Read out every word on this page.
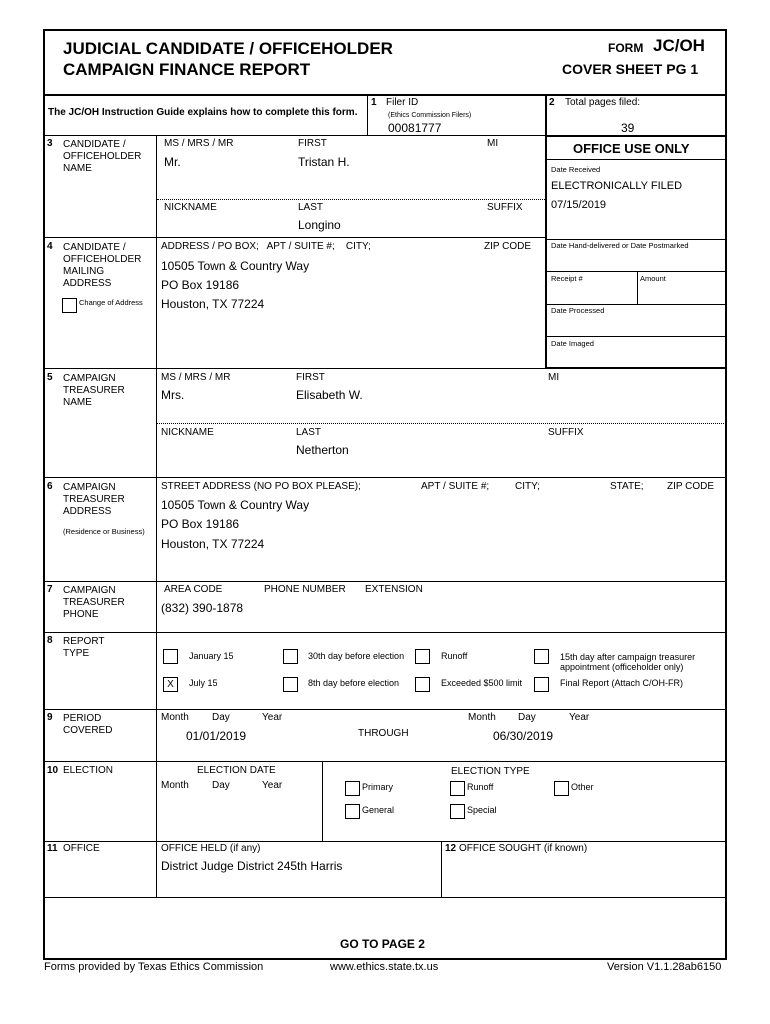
JUDICIAL CANDIDATE / OFFICEHOLDER
CAMPAIGN FINANCE REPORT
FORM JC/OH
COVER SHEET PG 1
The JC/OH Instruction Guide explains how to complete this form.
1 Filer ID
(Ethics Commission Filers)
00081777
2 Total pages filed:
39
3 CANDIDATE /
OFFICEHOLDER
NAME
MS / MRS / MR
Mr.
FIRST
Tristan H.
MI
NICKNAME	LAST
Longino
SUFFIX
4 CANDIDATE /
OFFICEHOLDER
MAILING
ADDRESS
Change of Address
ADDRESS / PO BOX;   APT / SUITE #;    CITY;	ZIP CODE
10505 Town & Country Way
PO Box 19186
Houston, TX 77224
OFFICE USE ONLY
Date Received
ELECTRONICALLY FILED
07/15/2019
Date Hand-delivered or Date Postmarked
Receipt #	Amount
Date Processed
Date Imaged
5 CAMPAIGN
TREASURER
NAME
MS / MRS / MR
Mrs.
FIRST
Elisabeth W.
MI
NICKNAME	LAST
Netherton
SUFFIX
6 CAMPAIGN
TREASURER
ADDRESS
(Residence or Business)
STREET ADDRESS (NO PO BOX PLEASE);	APT / SUITE #;	CITY;	STATE; ZIP CODE
10505 Town & Country Way
PO Box 19186
Houston, TX 77224
7 CAMPAIGN
TREASURER
PHONE
AREA CODE	PHONE NUMBER EXTENSION
(832) 390-1878
8 REPORT
TYPE	January 15	30th day before election	Runoff	15th day after campaign treasurer
appointment (officeholder only)
X	July 15	8th day before election	Exceeded $500 limit	Final Report (Attach C/OH-FR)
9 PERIOD
COVERED
Month Day	Year
01/01/2019	THROUGH
Month Day	Year
06/30/2019
10 ELECTION	ELECTION DATE
Month Day	Year
ELECTION TYPE
Primary	Runoff	Other
General	Special
11 OFFICE	OFFICE HELD (if any)
District Judge District 245th Harris
12 OFFICE SOUGHT (if known)
GO TO PAGE 2
Forms provided by Texas Ethics Commission	www.ethics.state.tx.us	Version V1.1.28ab6150
